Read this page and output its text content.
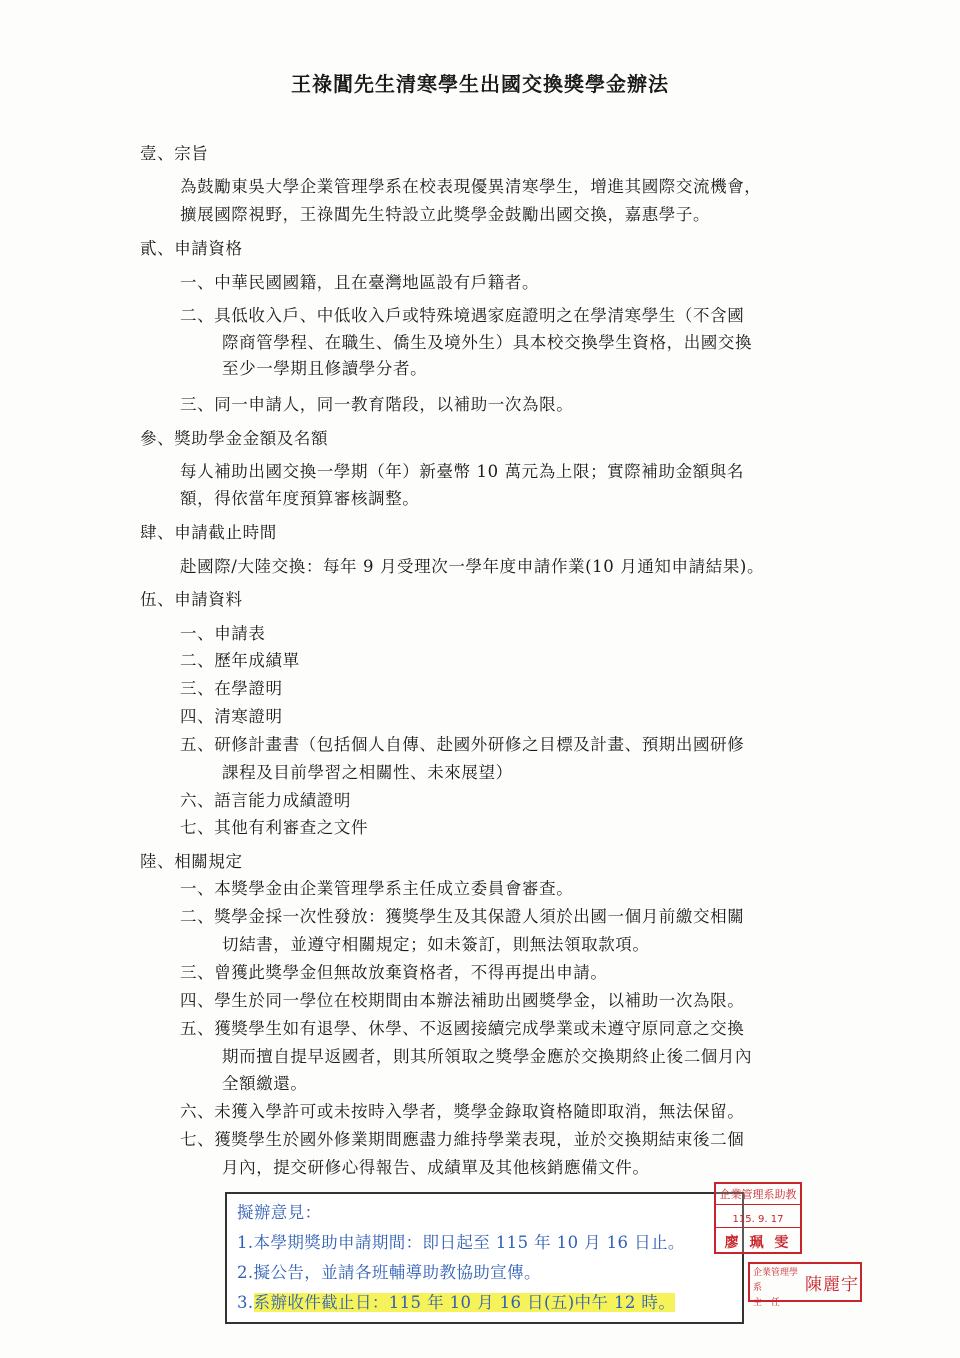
王祿閶先生清寒學生出國交換獎學金辦法
壹、宗旨
為鼓勵東吳大學企業管理學系在校表現優異清寒學生，增進其國際交流機會，
擴展國際視野，王祿閶先生特設立此獎學金鼓勵出國交換，嘉惠學子。
貳、申請資格
一、中華民國國籍，且在臺灣地區設有戶籍者。
二、具低收入戶、中低收入戶或特殊境遇家庭證明之在學清寒學生（不含國
際商管學程、在職生、僑生及境外生）具本校交換學生資格，出國交換
至少一學期且修讀學分者。
三、同一申請人，同一教育階段，以補助一次為限。
參、獎助學金金額及名額
每人補助出國交換一學期（年）新臺幣 10 萬元為上限；實際補助金額與名
額，得依當年度預算審核調整。
肆、申請截止時間
赴國際/大陸交換：每年 9 月受理次一學年度申請作業(10 月通知申請結果)。
伍、申請資料
一、申請表
二、歷年成績單
三、在學證明
四、清寒證明
五、研修計畫書（包括個人自傳、赴國外研修之目標及計畫、預期出國研修
課程及目前學習之相關性、未來展望）
六、語言能力成績證明
七、其他有利審查之文件
陸、相關規定
一、本獎學金由企業管理學系主任成立委員會審查。
二、獎學金採一次性發放：獲獎學生及其保證人須於出國一個月前繳交相關
切結書，並遵守相關規定；如未簽訂，則無法領取款項。
三、曾獲此獎學金但無故放棄資格者，不得再提出申請。
四、學生於同一學位在校期間由本辦法補助出國獎學金，以補助一次為限。
五、獲獎學生如有退學、休學、不返國接續完成學業或未遵守原同意之交換
期而擅自提早返國者，則其所領取之獎學金應於交換期終止後二個月內
全額繳還。
六、未獲入學許可或未按時入學者，獎學金錄取資格隨即取消，無法保留。
七、獲獎學生於國外修業期間應盡力維持學業表現，並於交換期結束後二個
月內，提交研修心得報告、成績單及其他核銷應備文件。
擬辦意見：
1.本學期獎助申請期間：即日起至 115 年 10 月 16 日止。
2.擬公告，並請各班輔導助教協助宣傳。
3.系辦收件截止日：115 年 10 月 16 日(五)中午 12 時。
企業管理系助教
115. 9. 17
廖 珮 雯
企業管理學系
主　任
陳麗宇
